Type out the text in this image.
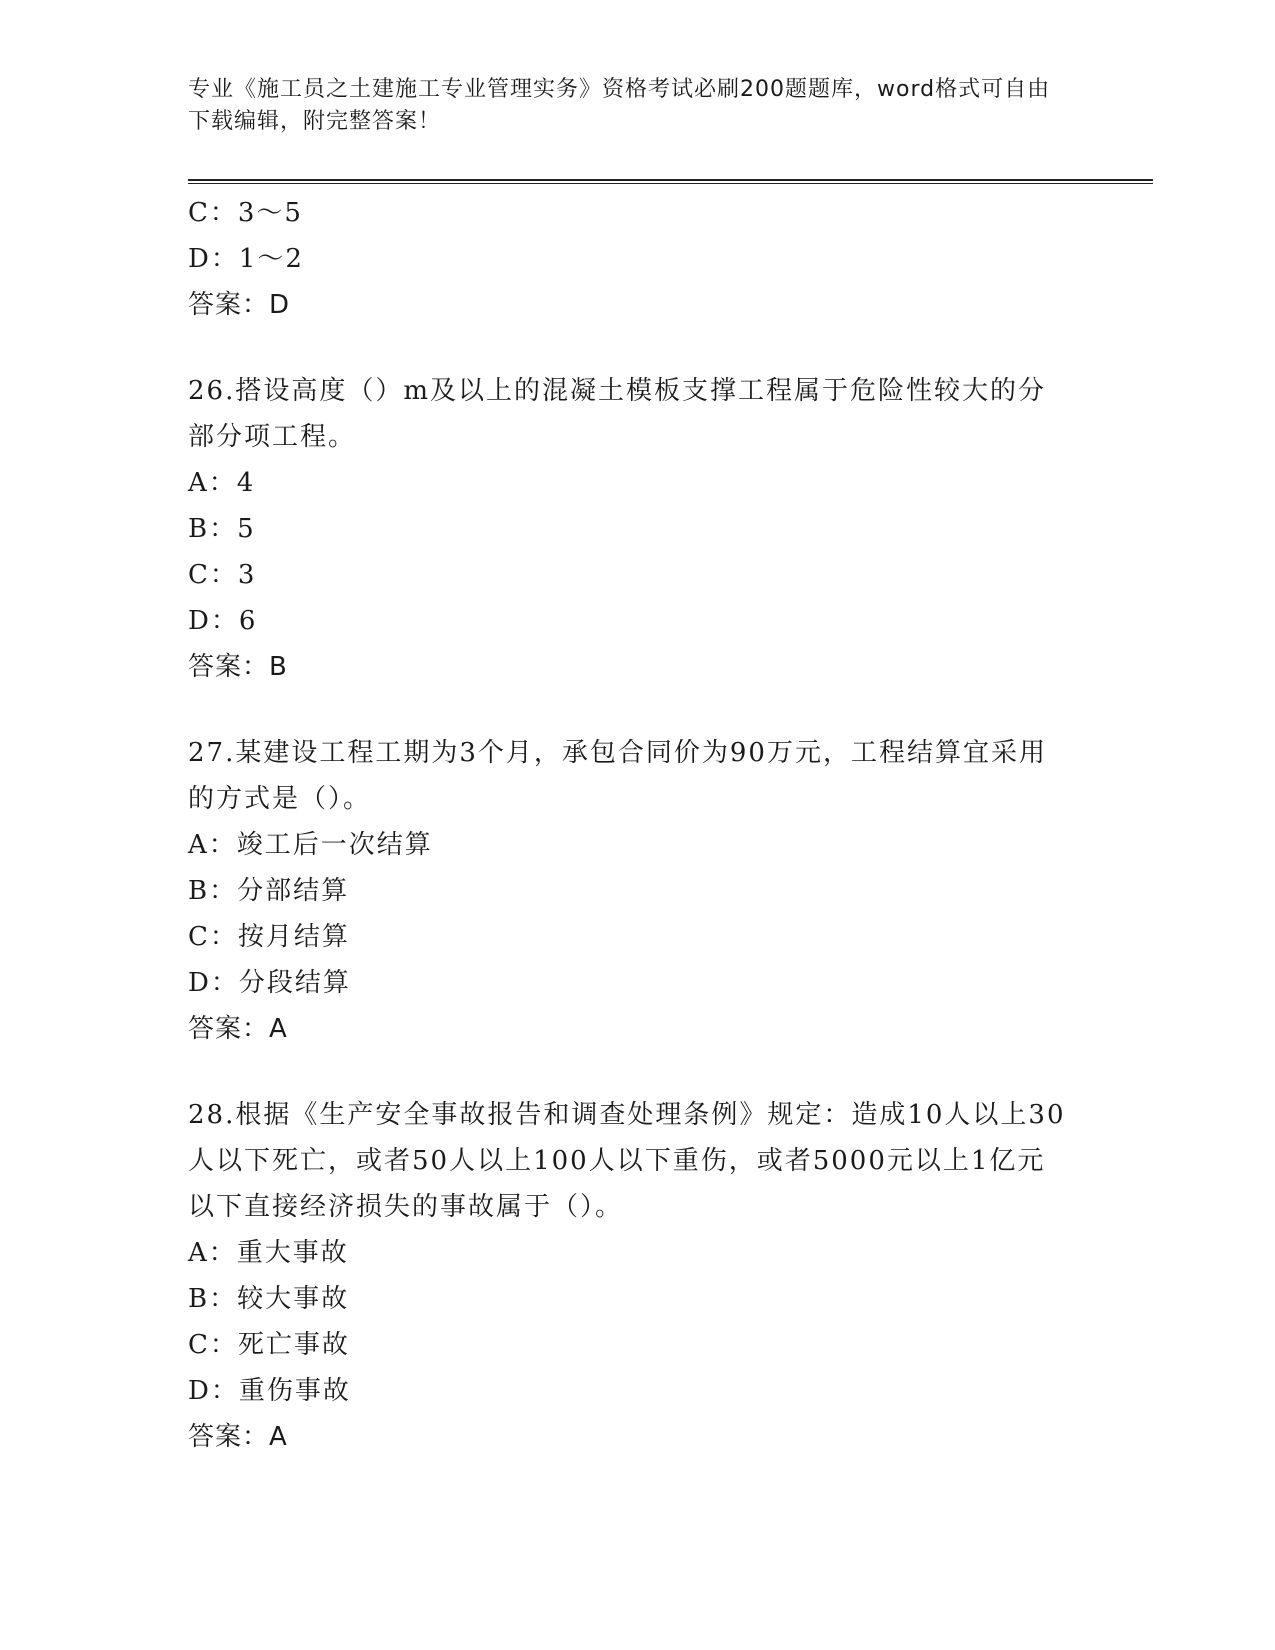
专业《施工员之土建施工专业管理实务》资格考试必刷200题题库，word格式可自由下载编辑，附完整答案！
C：3～5
D：1～2
答案：D
26.搭设高度（）m及以上的混凝土模板支撑工程属于危险性较大的分部分项工程。
A：4
B：5
C：3
D：6
答案：B
27.某建设工程工期为3个月，承包合同价为90万元，工程结算宜采用的方式是（）。
A：竣工后一次结算
B：分部结算
C：按月结算
D：分段结算
答案：A
28.根据《生产安全事故报告和调查处理条例》规定：造成10人以上30人以下死亡，或者50人以上100人以下重伤，或者5000元以上1亿元以下直接经济损失的事故属于（）。
A：重大事故
B：较大事故
C：死亡事故
D：重伤事故
答案：A
